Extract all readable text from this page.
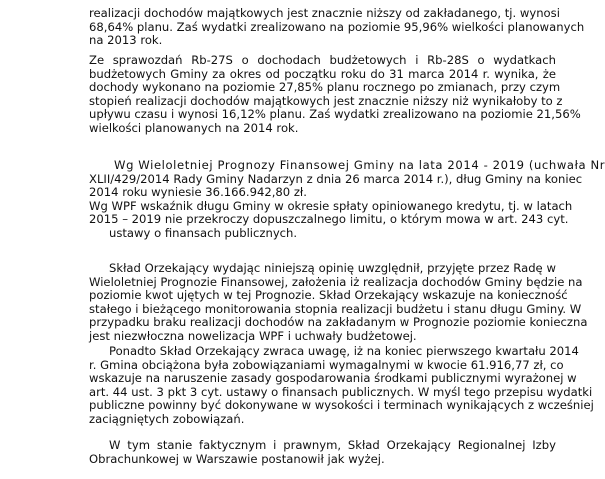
realizacji dochodów majątkowych jest znacznie niższy od zakładanego, tj. wynosi
68,64% planu. Zaś wydatki zrealizowano na poziomie 95,96% wielkości planowanych
na 2013 rok.
Ze sprawozdań Rb-27S o dochodach budżetowych i Rb-28S o wydatkach
budżetowych Gminy za okres od początku roku do 31 marca 2014 r. wynika, że
dochody wykonano na poziomie 27,85% planu rocznego po zmianach, przy czym
stopień realizacji dochodów majątkowych jest znacznie niższy niż wynikałoby to z
upływu czasu i wynosi 16,12% planu. Zaś wydatki zrealizowano na poziomie 21,56%
wielkości planowanych na 2014 rok.
Wg Wieloletniej Prognozy Finansowej Gminy na lata 2014 - 2019 (uchwała Nr
XLII/429/2014 Rady Gminy Nadarzyn z dnia 26 marca 2014 r.), dług Gminy na koniec
2014 roku wyniesie 36.166.942,80 zł.
Wg WPF wskaźnik długu Gminy w okresie spłaty opiniowanego kredytu, tj. w latach
2015 – 2019 nie przekroczy dopuszczalnego limitu, o którym mowa w art. 243 cyt.
ustawy o finansach publicznych.
Skład Orzekający wydając niniejszą opinię uwzględnił, przyjęte przez Radę w
Wieloletniej Prognozie Finansowej, założenia iż realizacja dochodów Gminy będzie na
poziomie kwot ujętych w tej Prognozie. Skład Orzekający wskazuje na konieczność
stałego i bieżącego monitorowania stopnia realizacji budżetu i stanu długu Gminy. W
przypadku braku realizacji dochodów na zakładanym w Prognozie poziomie konieczna
jest niezwłoczna nowelizacja WPF i uchwały budżetowej.
Ponadto Skład Orzekający zwraca uwagę, iż na koniec pierwszego kwartału 2014
r. Gmina obciążona była zobowiązaniami wymagalnymi w kwocie 61.916,77 zł, co
wskazuje na naruszenie zasady gospodarowania środkami publicznymi wyrażonej w
art. 44 ust. 3 pkt 3 cyt. ustawy o finansach publicznych. W myśl tego przepisu wydatki
publiczne powinny być dokonywane w wysokości i terminach wynikających z wcześniej
zaciągniętych zobowiązań.
W tym stanie faktycznym i prawnym, Skład Orzekający Regionalnej Izby
Obrachunkowej w Warszawie postanowił jak wyżej.
